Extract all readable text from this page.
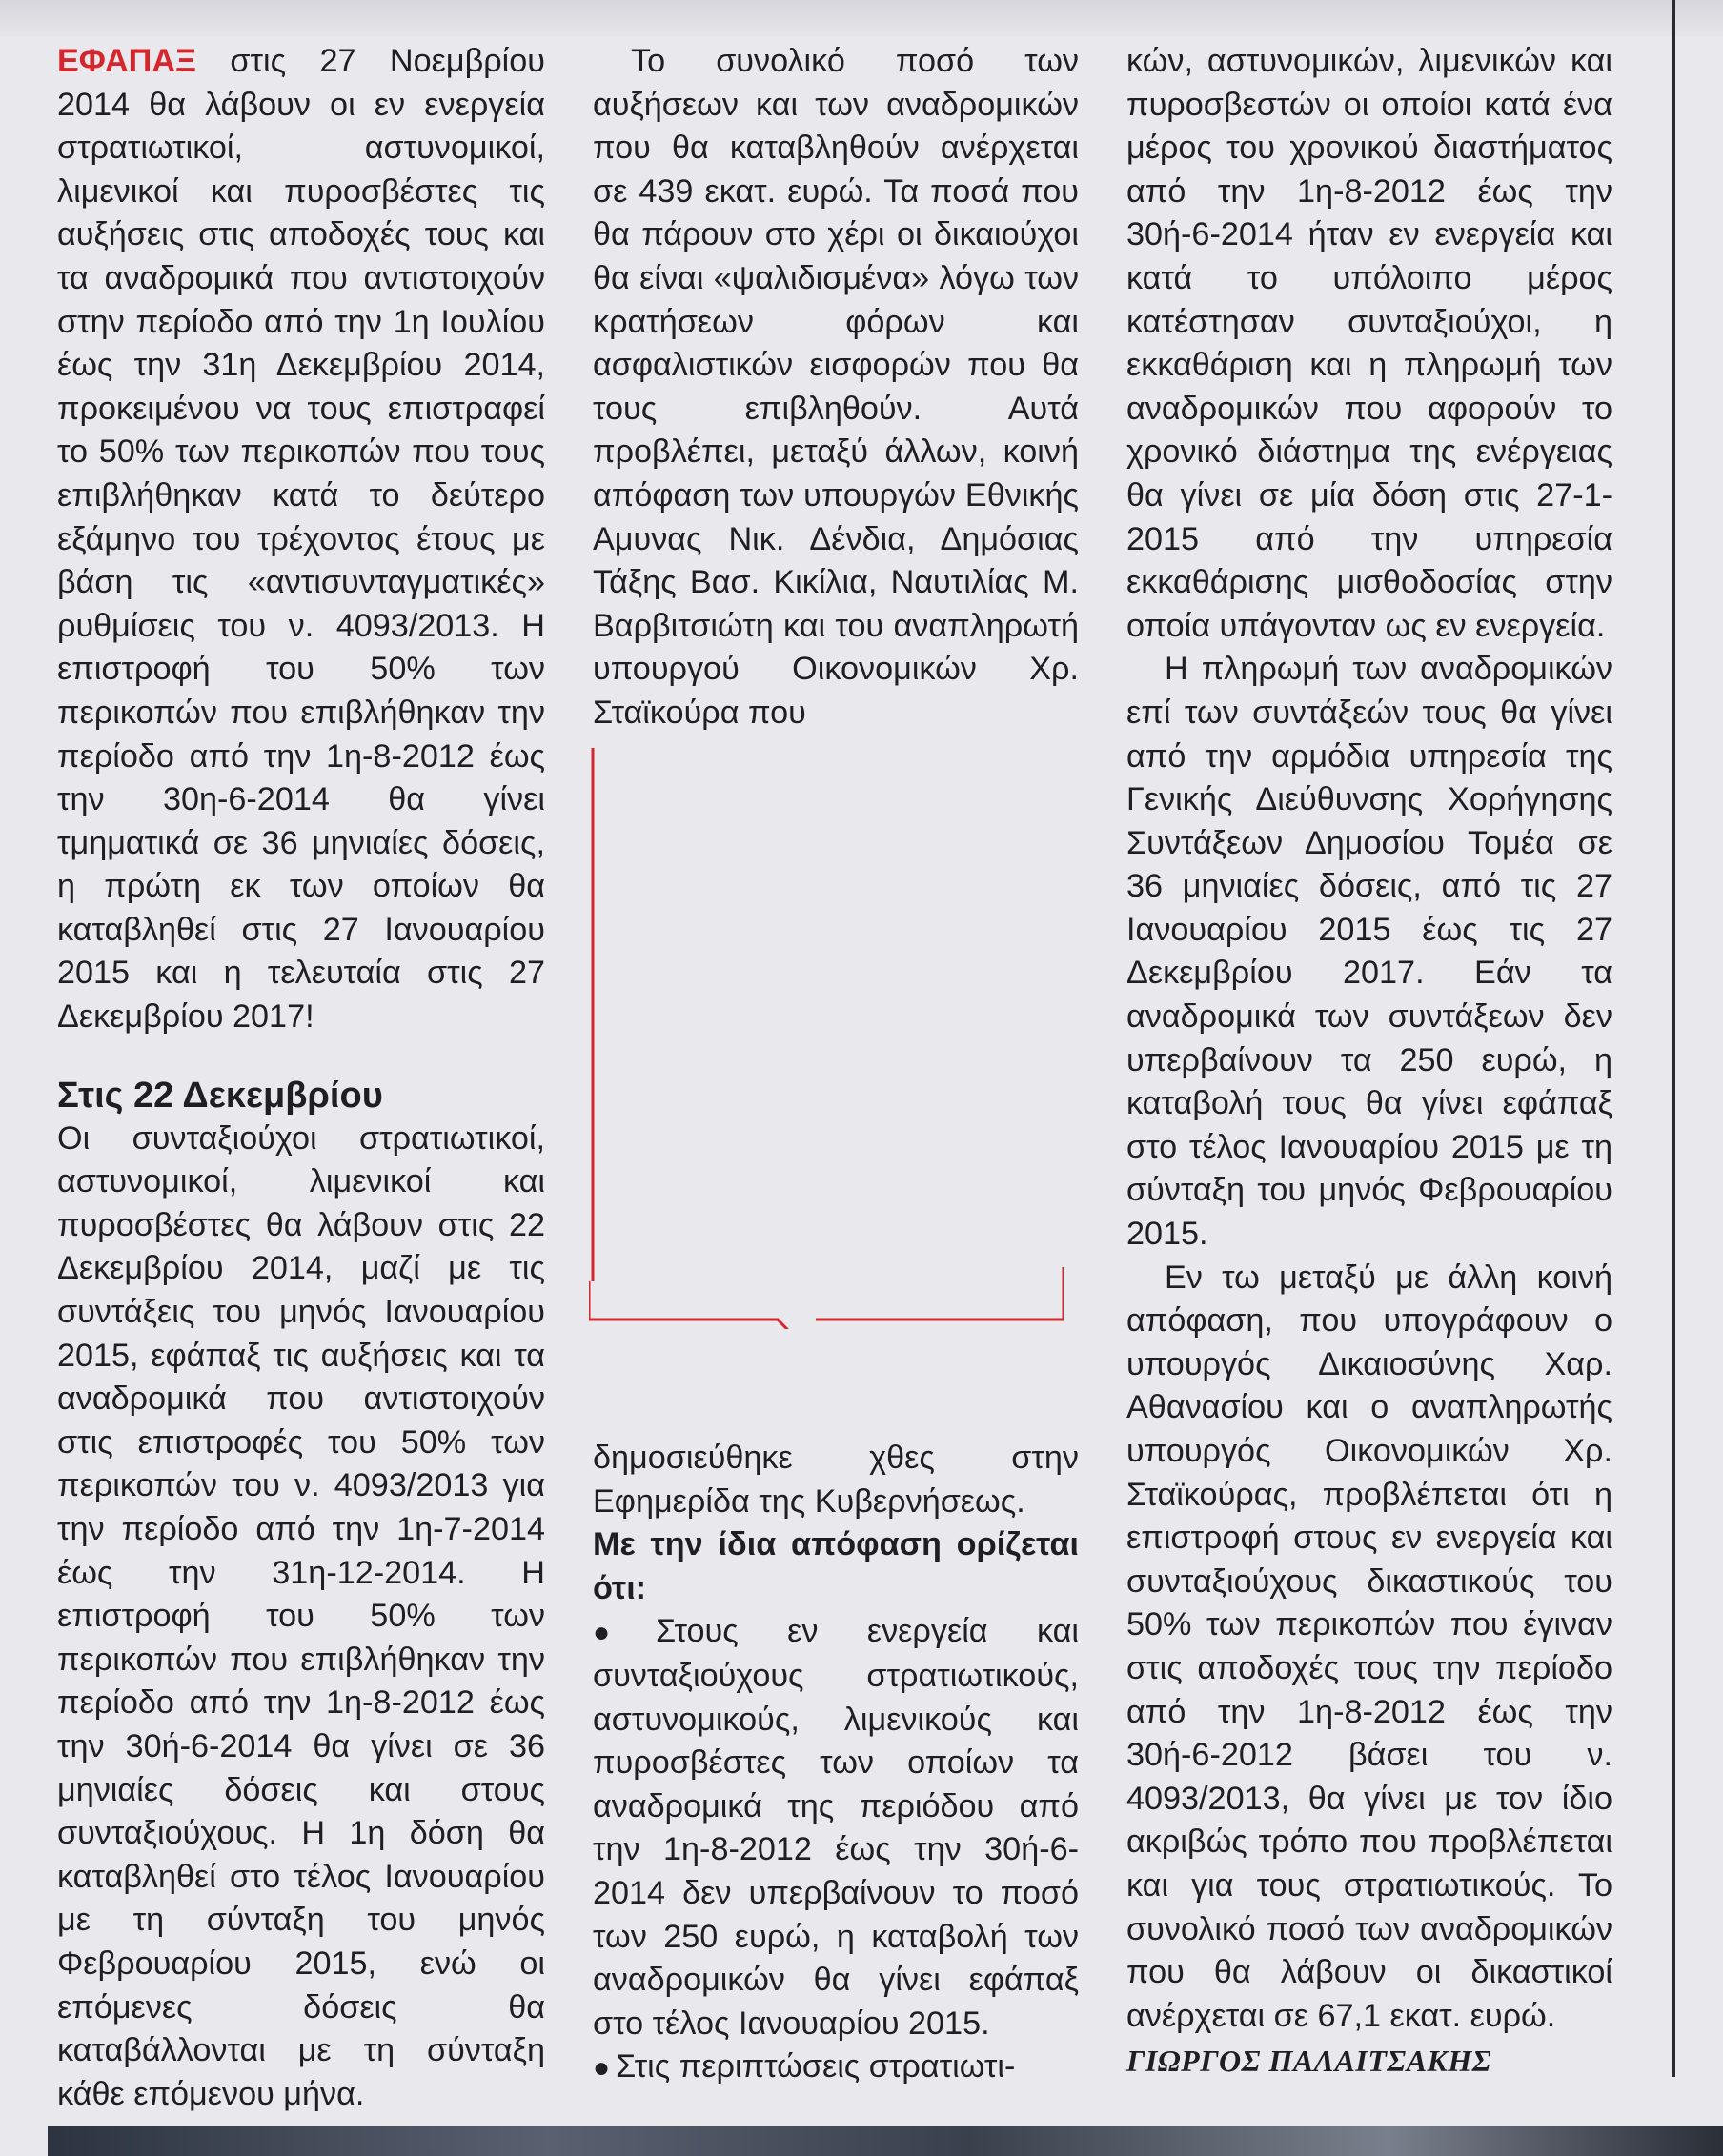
ΕΦΑΠΑΞ στις 27 Νοεμβρίου 2014 θα λάβουν οι εν ενεργεία στρατιωτικοί, αστυνομικοί, λιμενικοί και πυροσβέστες τις αυξήσεις στις αποδοχές τους και τα αναδρομικά που αντιστοιχούν στην περίοδο από την 1η Ιουλίου έως την 31η Δεκεμβρίου 2014, προκειμένου να τους επιστραφεί το 50% των περικοπών που τους επιβλήθηκαν κατά το δεύτερο εξάμηνο του τρέχοντος έτους με βάση τις «αντισυνταγματικές» ρυθμίσεις του ν. 4093/2013. Η επιστροφή του 50% των περικοπών που επιβλήθηκαν την περίοδο από την 1η-8-2012 έως την 30η-6-2014 θα γίνει τμηματικά σε 36 μηνιαίες δόσεις, η πρώτη εκ των οποίων θα καταβληθεί στις 27 Ιανουαρίου 2015 και η τελευταία στις 27 Δεκεμβρίου 2017!

Στις 22 Δεκεμβρίου

Οι συνταξιούχοι στρατιωτικοί, αστυνομικοί, λιμενικοί και πυροσβέστες θα λάβουν στις 22 Δεκεμβρίου 2014, μαζί με τις συντάξεις του μηνός Ιανουαρίου 2015, εφάπαξ τις αυξήσεις και τα αναδρομικά που αντιστοιχούν στις επιστροφές του 50% των περικοπών του ν. 4093/2013 για την περίοδο από την 1η-7-2014 έως την 31η-12-2014. Η επιστροφή του 50% των περικοπών που επιβλήθηκαν την περίοδο από την 1η-8-2012 έως την 30ή-6-2014 θα γίνει σε 36 μηνιαίες δόσεις και στους συνταξιούχους. Η 1η δόση θα καταβληθεί στο τέλος Ιανουαρίου με τη σύνταξη του μηνός Φεβρουαρίου 2015, ενώ οι επόμενες δόσεις θα καταβάλλονται με τη σύνταξη κάθε επόμενου μήνα.

Το συνολικό ποσό των αυξήσεων και των αναδρομικών που θα καταβληθούν ανέρχεται σε 439 εκατ. ευρώ. Τα ποσά που θα πάρουν στο χέρι οι δικαιούχοι θα είναι «ψαλιδισμένα» λόγω των κρατήσεων φόρων και ασφαλιστικών εισφορών που θα τους επιβληθούν. Αυτά προβλέπει, μεταξύ άλλων, κοινή απόφαση των υπουργών Εθνικής Αμυνας Νικ. Δένδια, Δημόσιας Τάξης Βασ. Κικίλια, Ναυτιλίας Μ. Βαρβιτσιώτη και του αναπληρωτή υπουργού Οικονομικών Χρ. Σταϊκούρα που

δημοσιεύθηκε χθες στην Εφημερίδα της Κυβερνήσεως.

Με την ίδια απόφαση ορίζεται ότι:

● Στους εν ενεργεία και συνταξιούχους στρατιωτικούς, αστυνομικούς, λιμενικούς και πυροσβέστες των οποίων τα αναδρομικά της περιόδου από την 1η-8-2012 έως την 30ή-6-2014 δεν υπερβαίνουν το ποσό των 250 ευρώ, η καταβολή των αναδρομικών θα γίνει εφάπαξ στο τέλος Ιανουαρίου 2015.

● Στις περιπτώσεις στρατιωτι-

κών, αστυνομικών, λιμενικών και πυροσβεστών οι οποίοι κατά ένα μέρος του χρονικού διαστήματος από την 1η-8-2012 έως την 30ή-6-2014 ήταν εν ενεργεία και κατά το υπόλοιπο μέρος κατέστησαν συνταξιούχοι, η εκκαθάριση και η πληρωμή των αναδρομικών που αφορούν το χρονικό διάστημα της ενέργειας θα γίνει σε μία δόση στις 27-1-2015 από την υπηρεσία εκκαθάρισης μισθοδοσίας στην οποία υπάγονταν ως εν ενεργεία.

Η πληρωμή των αναδρομικών επί των συντάξεών τους θα γίνει από την αρμόδια υπηρεσία της Γενικής Διεύθυνσης Χορήγησης Συντάξεων Δημοσίου Τομέα σε 36 μηνιαίες δόσεις, από τις 27 Ιανουαρίου 2015 έως τις 27 Δεκεμβρίου 2017. Εάν τα αναδρομικά των συντάξεων δεν υπερβαίνουν τα 250 ευρώ, η καταβολή τους θα γίνει εφάπαξ στο τέλος Ιανουαρίου 2015 με τη σύνταξη του μηνός Φεβρουαρίου 2015.

Εν τω μεταξύ με άλλη κοινή απόφαση, που υπογράφουν ο υπουργός Δικαιοσύνης Χαρ. Αθανασίου και ο αναπληρωτής υπουργός Οικονομικών Χρ. Σταϊκούρας, προβλέπεται ότι η επιστροφή στους εν ενεργεία και συνταξιούχους δικαστικούς του 50% των περικοπών που έγιναν στις αποδοχές τους την περίοδο από την 1η-8-2012 έως την 30ή-6-2012 βάσει του ν. 4093/2013, θα γίνει με τον ίδιο ακριβώς τρόπο που προβλέπεται και για τους στρατιωτικούς. Το συνολικό ποσό των αναδρομικών που θα λάβουν οι δικαστικοί ανέρχεται σε 67,1 εκατ. ευρώ.

ΓΙΩΡΓΟΣ ΠΑΛΑΙΤΣΑΚΗΣ
